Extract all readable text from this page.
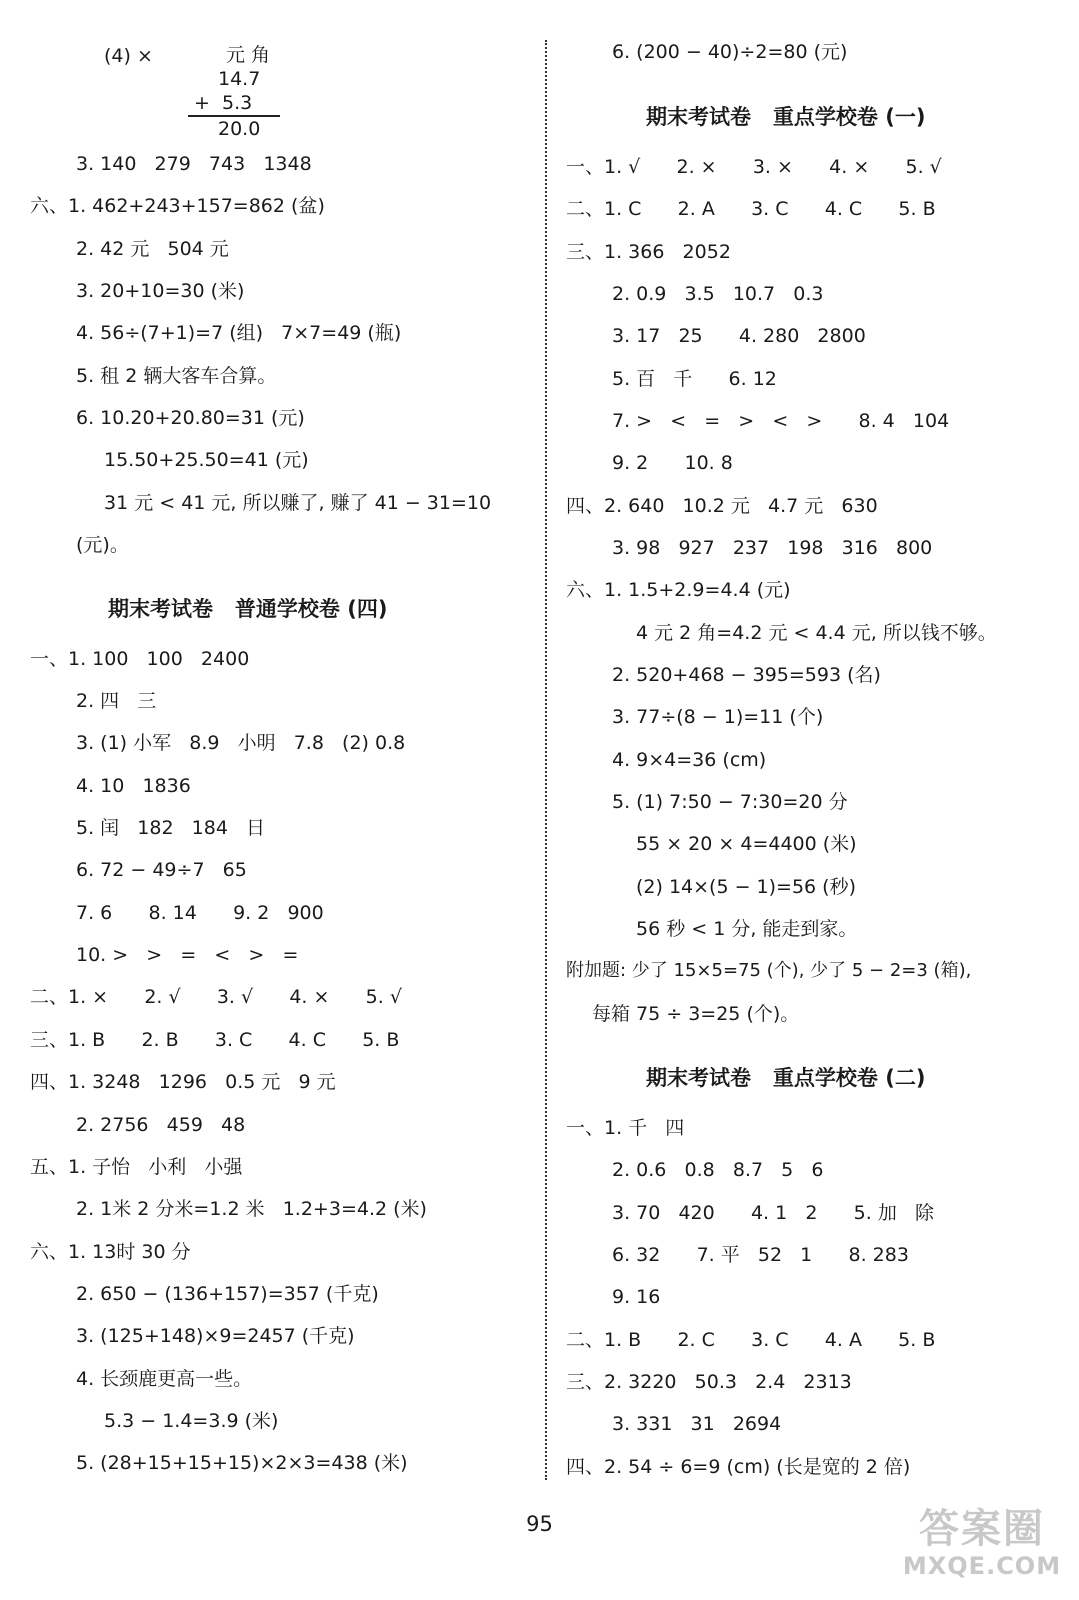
(4) ×	元 角
14.7
+  5.3
20.0
3. 140   279   743   1348
六、1. 462+243+157=862 (盆)
2. 42 元   504 元
3. 20+10=30 (米)
4. 56÷(7+1)=7 (组)   7×7=49 (瓶)
5. 租 2 辆大客车合算。
6. 10.20+20.80=31 (元)
15.50+25.50=41 (元)
31 元 < 41 元, 所以赚了, 赚了 41 − 31=10
(元)。
期末考试卷   普通学校卷 (四)
一、1. 100   100   2400
2. 四   三
3. (1) 小军   8.9   小明   7.8   (2) 0.8
4. 10   1836
5. 闰   182   184   日
6. 72 − 49÷7   65
7. 6      8. 14      9. 2   900
10. >   >   =   <   >   =
二、1. ×      2. √      3. √      4. ×      5. √
三、1. B      2. B      3. C      4. C      5. B
四、1. 3248   1296   0.5 元   9 元
2. 2756   459   48
五、1. 子怡   小利   小强
2. 1米 2 分米=1.2 米   1.2+3=4.2 (米)
六、1. 13时 30 分
2. 650 − (136+157)=357 (千克)
3. (125+148)×9=2457 (千克)
4. 长颈鹿更高一些。
5.3 − 1.4=3.9 (米)
5. (28+15+15+15)×2×3=438 (米)
6. (200 − 40)÷2=80 (元)
期末考试卷   重点学校卷 (一)
一、1. √      2. ×      3. ×      4. ×      5. √
二、1. C      2. A      3. C      4. C      5. B
三、1. 366   2052
2. 0.9   3.5   10.7   0.3
3. 17   25      4. 280   2800
5. 百   千      6. 12
7. >   <   =   >   <   >      8. 4   104
9. 2      10. 8
四、2. 640   10.2 元   4.7 元   630
3. 98   927   237   198   316   800
六、1. 1.5+2.9=4.4 (元)
4 元 2 角=4.2 元 < 4.4 元, 所以钱不够。
2. 520+468 − 395=593 (名)
3. 77÷(8 − 1)=11 (个)
4. 9×4=36 (cm)
5. (1) 7:50 − 7:30=20 分
55 × 20 × 4=4400 (米)
(2) 14×(5 − 1)=56 (秒)
56 秒 < 1 分, 能走到家。
附加题: 少了 15×5=75 (个), 少了 5 − 2=3 (箱),
每箱 75 ÷ 3=25 (个)。
期末考试卷   重点学校卷 (二)
一、1. 千   四
2. 0.6   0.8   8.7   5   6
3. 70   420      4. 1   2      5. 加   除
6. 32      7. 平   52   1      8. 283
9. 16
二、1. B      2. C      3. C      4. A      5. B
三、2. 3220   50.3   2.4   2313
3. 331   31   2694
四、2. 54 ÷ 6=9 (cm) (长是宽的 2 倍)
95	答案圈
MXQE.COM
